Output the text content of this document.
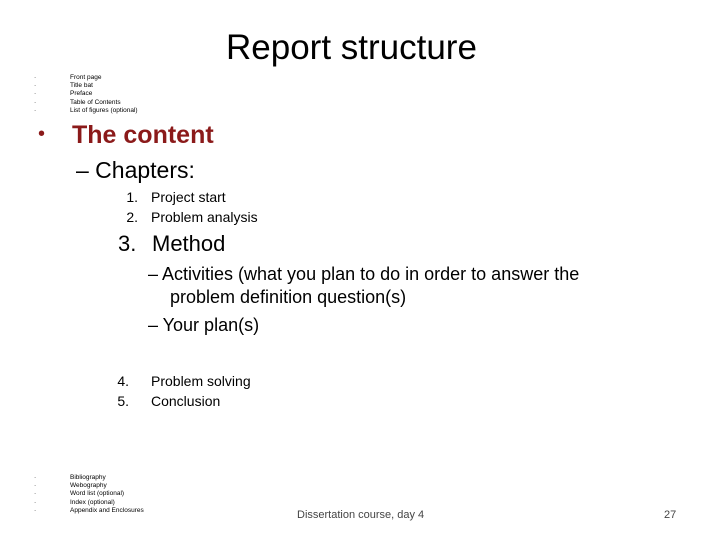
Report structure
·	Front page
·	Title bat
·	Preface
·	Table of Contents
·	List of figures (optional)
• The content
– Chapters:
1. Project start
2. Problem analysis
3. Method
– Activities (what you plan to do in order to answer the
problem definition question(s)
– Your plan(s)
4. Problem solving
5. Conclusion
·	Bibliography
·	Webography
·	Word list (optional)
·	Index (optional)
·	Appendix and Enclosures	Dissertation course, day 4	27
